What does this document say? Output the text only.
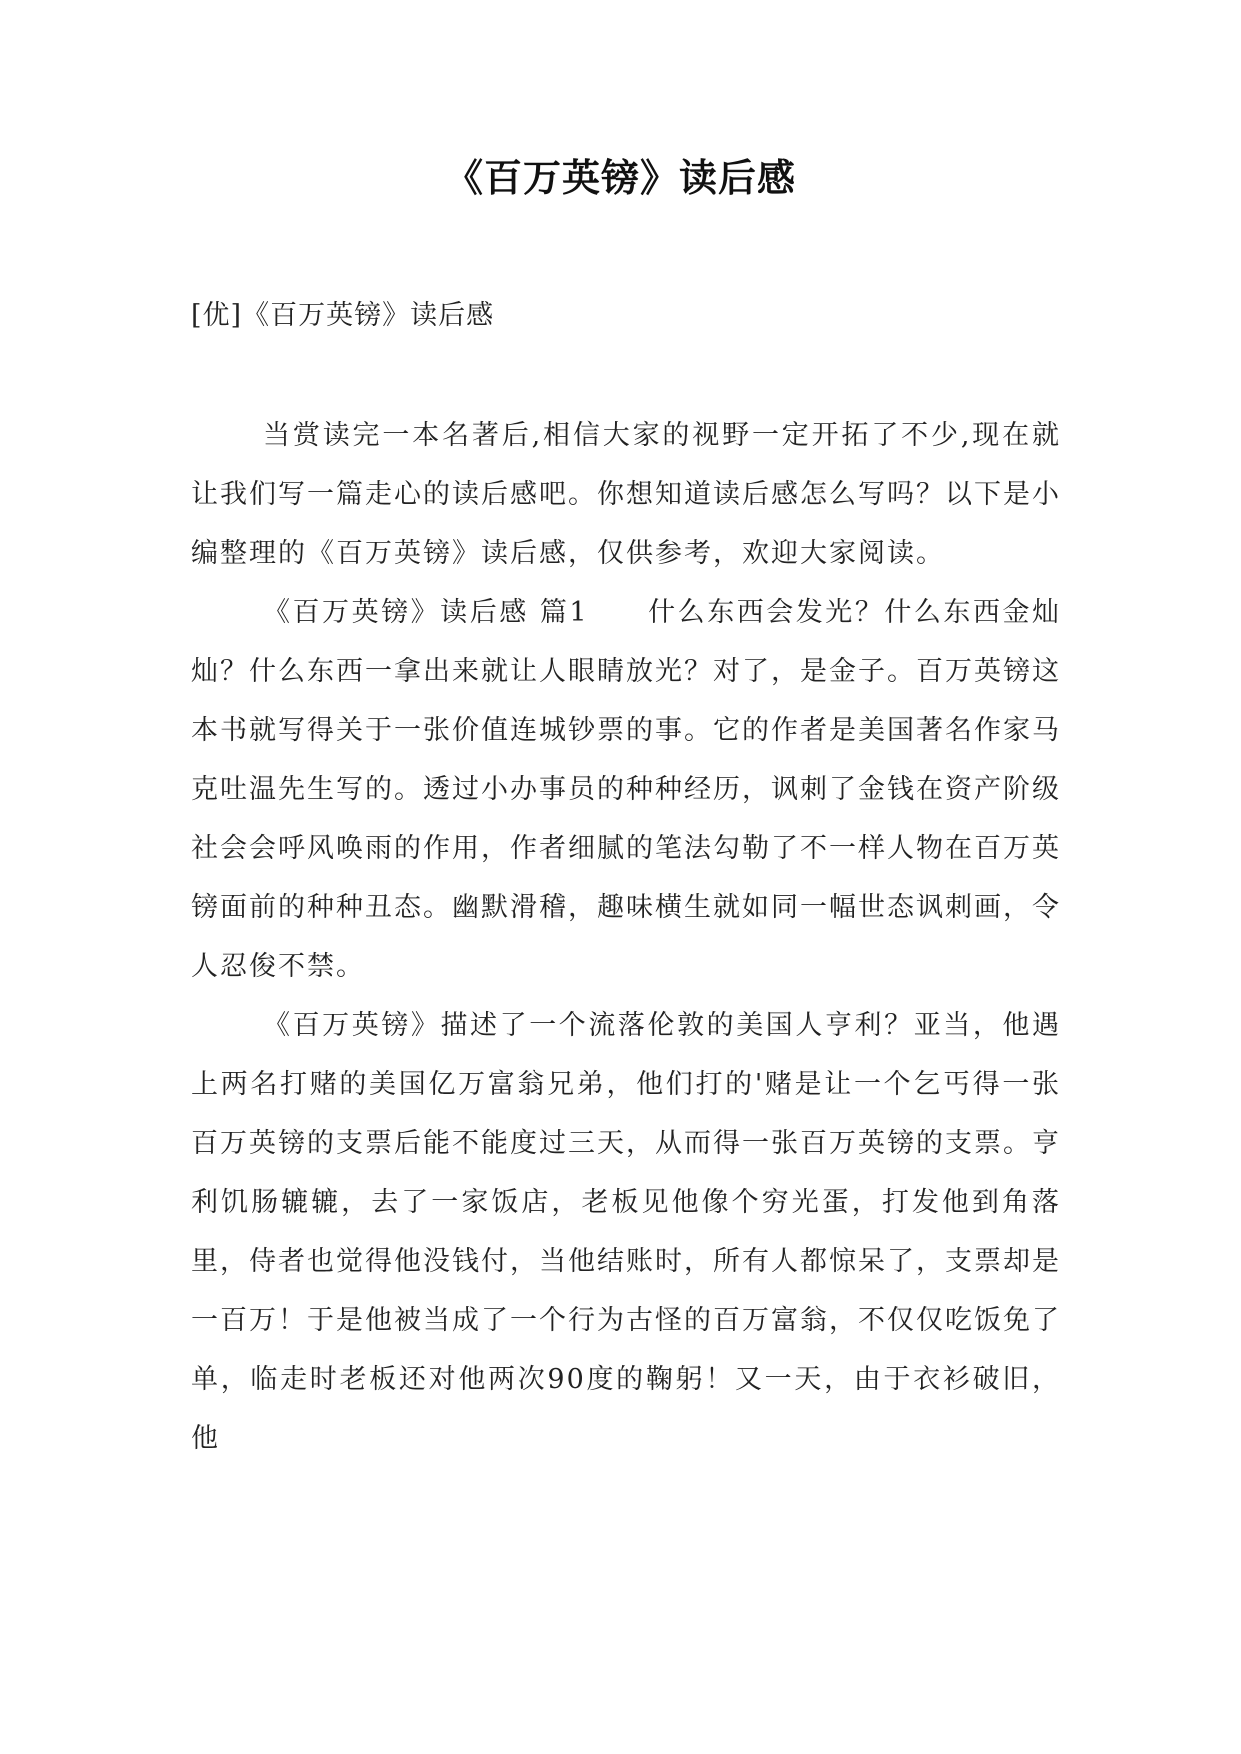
《百万英镑》读后感

[优]《百万英镑》读后感

当赏读完一本名著后,相信大家的视野一定开拓了不少,现在就让我们写一篇走心的读后感吧。你想知道读后感怎么写吗？以下是小编整理的《百万英镑》读后感，仅供参考，欢迎大家阅读。

《百万英镑》读后感 篇1　　什么东西会发光？什么东西金灿灿？什么东西一拿出来就让人眼睛放光？对了，是金子。百万英镑这本书就写得关于一张价值连城钞票的事。它的作者是美国著名作家马克吐温先生写的。透过小办事员的种种经历，讽刺了金钱在资产阶级社会会呼风唤雨的作用，作者细腻的笔法勾勒了不一样人物在百万英镑面前的种种丑态。幽默滑稽，趣味横生就如同一幅世态讽刺画，令人忍俊不禁。

《百万英镑》描述了一个流落伦敦的美国人亨利？亚当，他遇上两名打赌的美国亿万富翁兄弟，他们打的'赌是让一个乞丐得一张百万英镑的支票后能不能度过三天，从而得一张百万英镑的支票。亨利饥肠辘辘，去了一家饭店，老板见他像个穷光蛋，打发他到角落里，侍者也觉得他没钱付，当他结账时，所有人都惊呆了，支票却是一百万！于是他被当成了一个行为古怪的百万富翁，不仅仅吃饭免了单，临走时老板还对他两次90度的鞠躬！又一天，由于衣衫破旧，他
